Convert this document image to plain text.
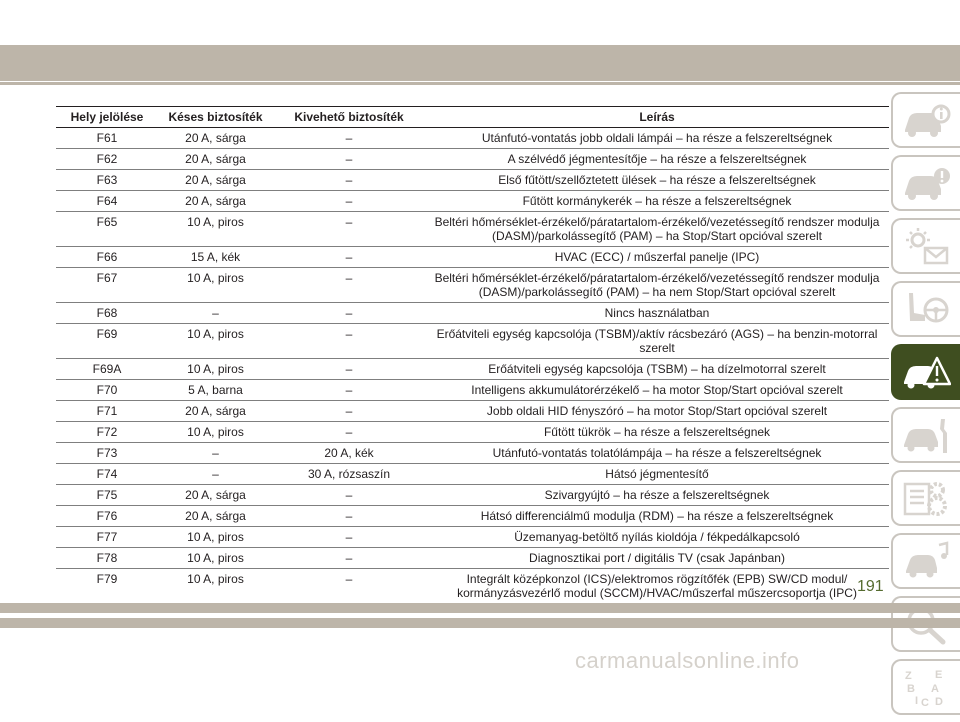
Hely jelölése	Késes biztosíték	Kivehető biztosíték	Leírás
F61	20 A, sárga	–	Utánfutó-vontatás jobb oldali lámpái – ha része a felszereltségnek
F62	20 A, sárga	–	A szélvédő jégmentesítője – ha része a felszereltségnek
F63	20 A, sárga	–	Első fűtött/szellőztetett ülések – ha része a felszereltségnek
F64	20 A, sárga	–	Fűtött kormánykerék – ha része a felszereltségnek
F65	10 A, piros	–	Beltéri hőmérséklet-érzékelő/páratartalom-érzékelő/vezetéssegítő rendszer modulja (DASM)/parkolássegítő (PAM) – ha Stop/Start opcióval szerelt
F66	15 A, kék	–	HVAC (ECC) / műszerfal panelje (IPC)
F67	10 A, piros	–	Beltéri hőmérséklet-érzékelő/páratartalom-érzékelő/vezetéssegítő rendszer modulja (DASM)/parkolássegítő (PAM) – ha nem Stop/Start opcióval szerelt
F68	–	–	Nincs használatban
F69	10 A, piros	–	Erőátviteli egység kapcsolója (TSBM)/aktív rácsbezáró (AGS) – ha benzin-motorral szerelt
F69A	10 A, piros	–	Erőátviteli egység kapcsolója (TSBM) – ha dízelmotorral szerelt
F70	5 A, barna	–	Intelligens akkumulátorérzékelő – ha motor Stop/Start opcióval szerelt
F71	20 A, sárga	–	Jobb oldali HID fényszóró – ha motor Stop/Start opcióval szerelt
F72	10 A, piros	–	Fűtött tükrök – ha része a felszereltségnek
F73	–	20 A, kék	Utánfutó-vontatás tolatólámpája – ha része a felszereltségnek
F74	–	30 A, rózsaszín	Hátsó jégmentesítő
F75	20 A, sárga	–	Szivargyújtó – ha része a felszereltségnek
F76	20 A, sárga	–	Hátsó differenciálmű modulja (RDM) – ha része a felszereltségnek
F77	10 A, piros	–	Üzemanyag-betöltő nyílás kioldója / fékpedálkapcsoló
F78	10 A, piros	–	Diagnosztikai port / digitális TV (csak Japánban)
F79	10 A, piros	–	Integrált középkonzol (ICS)/elektromos rögzítőfék (EPB) SW/CD modul/ kormányzásvezérlő modul (SCCM)/HVAC/műszerfal műszercsoportja (IPC)
Z E
B A
I C D
191
carmanualsonline.info
